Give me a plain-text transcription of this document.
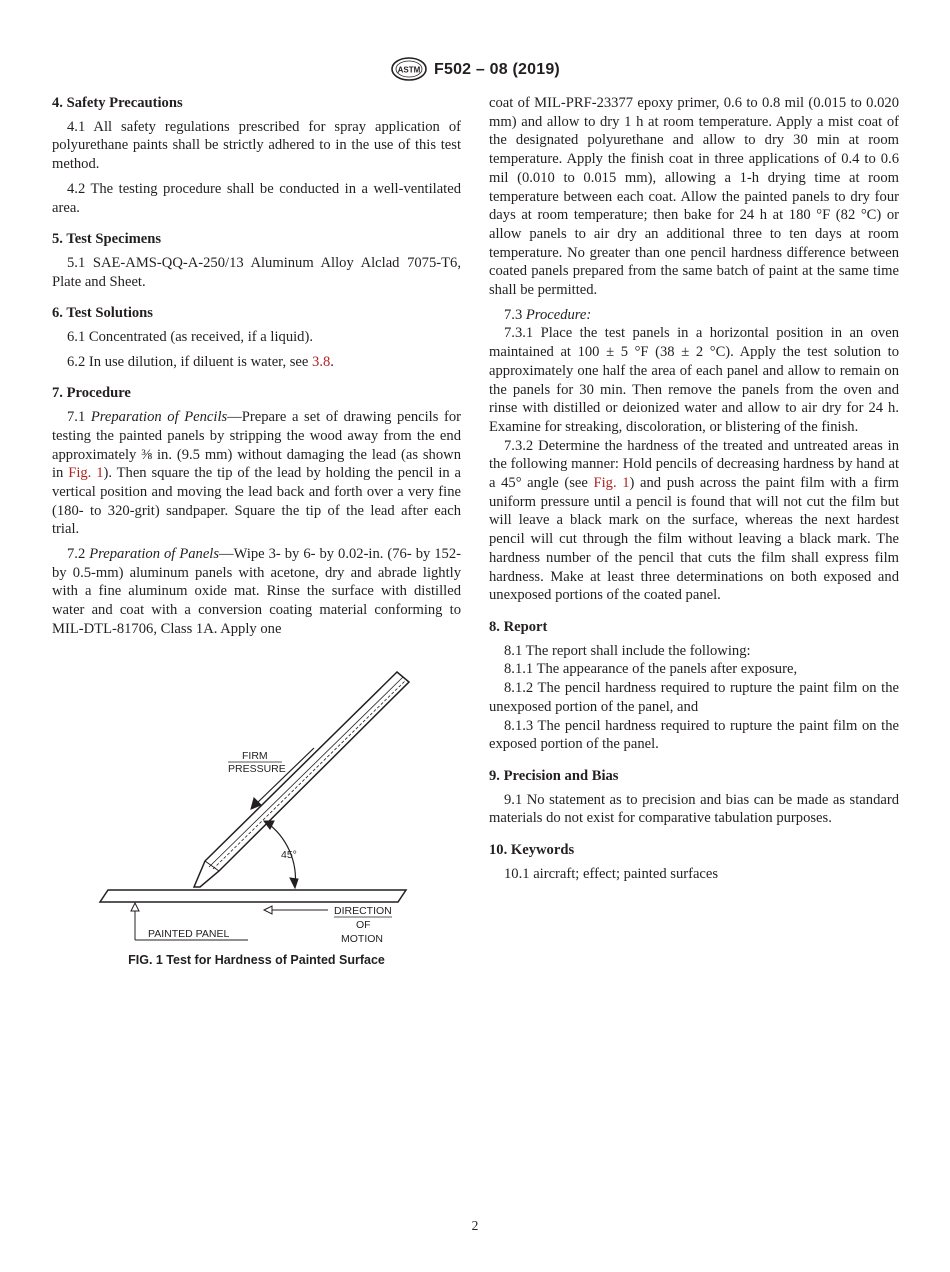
ASTM F502 – 08 (2019)
4. Safety Precautions

4.1 All safety regulations prescribed for spray application of polyurethane paints shall be strictly adhered to in the use of this test method.

4.2 The testing procedure shall be conducted in a well-ventilated area.

5. Test Specimens

5.1 SAE-AMS-QQ-A-250/13 Aluminum Alloy Alclad 7075-T6, Plate and Sheet.

6. Test Solutions

6.1 Concentrated (as received, if a liquid).

6.2 In use dilution, if diluent is water, see 3.8.

7. Procedure

7.1 Preparation of Pencils—Prepare a set of drawing pencils for testing the painted panels by stripping the wood away from the end approximately ⅜ in. (9.5 mm) without damaging the lead (as shown in Fig. 1). Then square the tip of the lead by holding the pencil in a vertical position and moving the lead back and forth over a very fine (180- to 320-grit) sandpaper. Square the tip of the lead after each trial.

7.2 Preparation of Panels—Wipe 3- by 6- by 0.02-in. (76- by 152- by 0.5-mm) aluminum panels with acetone, dry and abrade lightly with a fine aluminum oxide mat. Rinse the surface with distilled water and coat with a conversion coating material conforming to MIL-DTL-81706, Class 1A. Apply one

FIRM
PRESSURE
45°
PAINTED PANEL
DIRECTION
OF
MOTION
FIG. 1 Test for Hardness of Painted Surface

coat of MIL-PRF-23377 epoxy primer, 0.6 to 0.8 mil (0.015 to 0.020 mm) and allow to dry 1 h at room temperature. Apply a mist coat of the designated polyurethane and allow to dry 30 min at room temperature. Apply the finish coat in three applications of 0.4 to 0.6 mil (0.010 to 0.015 mm), allowing a 1-h drying time at room temperature between each coat. Allow the painted panels to dry four days at room temperature; then bake for 24 h at 180 °F (82 °C) or allow panels to air dry an additional three to ten days at room temperature. No greater than one pencil hardness difference between coated panels prepared from the same batch of paint at the same time shall be permitted.

7.3 Procedure:

7.3.1 Place the test panels in a horizontal position in an oven maintained at 100 ± 5 °F (38 ± 2 °C). Apply the test solution to approximately one half the area of each panel and allow to remain on the panels for 30 min. Then remove the panels from the oven and rinse with distilled or deionized water and allow to air dry for 24 h. Examine for streaking, discoloration, or blistering of the finish.

7.3.2 Determine the hardness of the treated and untreated areas in the following manner: Hold pencils of decreasing hardness by hand at a 45° angle (see Fig. 1) and push across the paint film with a firm uniform pressure until a pencil is found that will not cut the film but will leave a black mark on the surface, whereas the next hardest pencil will cut through the film without leaving a black mark. The hardness number of the pencil that cuts the film shall express film hardness. Make at least three determinations on both exposed and unexposed portions of the coated panel.

8. Report

8.1 The report shall include the following:

8.1.1 The appearance of the panels after exposure,

8.1.2 The pencil hardness required to rupture the paint film on the unexposed portion of the panel, and

8.1.3 The pencil hardness required to rupture the paint film on the exposed portion of the panel.

9. Precision and Bias

9.1 No statement as to precision and bias can be made as standard materials do not exist for comparative tabulation purposes.

10. Keywords

10.1 aircraft; effect; painted surfaces

2
